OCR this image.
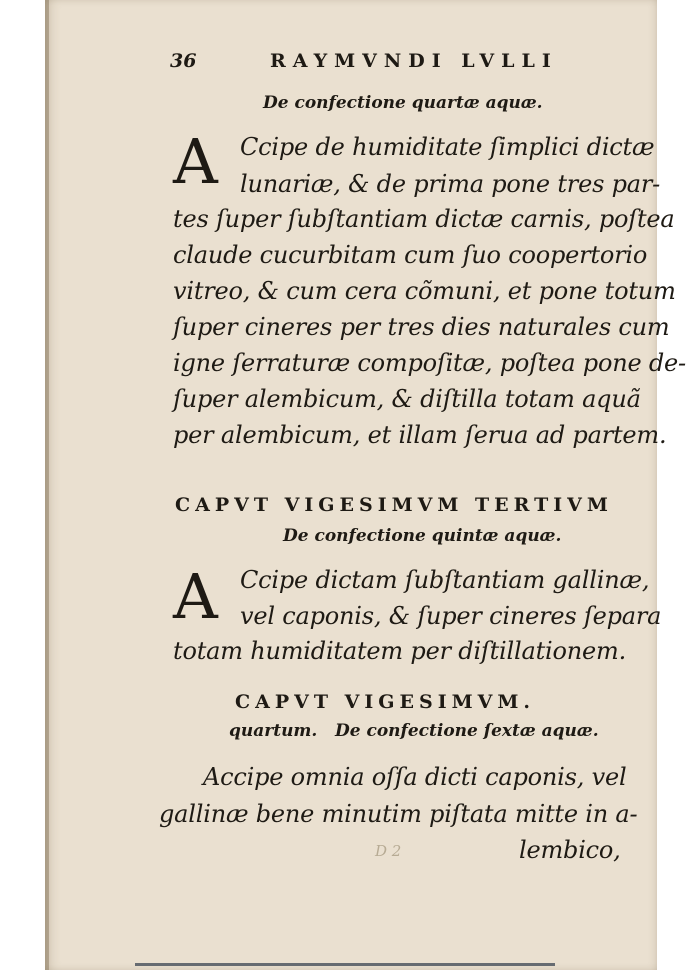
36	RAYMVNDI LVLLI
De confectione quartæ aquæ.
A Ccipe de humiditate ſimplici dictæ
lunariæ, & de prima pone tres par-
tes ſuper ſubſtantiam dictæ carnis, poſtea
claude cucurbitam cum ſuo coopertorio
vitreo, & cum cera cõmuni, et pone totum
ſuper cineres per tres dies naturales cum
igne ſerraturæ compoſitæ, poſtea pone de-
ſuper alembicum, & diſtilla totam aquã
per alembicum, et illam ſerua ad partem.
CAPVT VIGESIMVM TERTIVM
De confectione quintæ aquæ.
A Ccipe dictam ſubſtantiam gallinæ,
vel caponis, & ſuper cineres ſepara
totam humiditatem per diſtillationem.
CAPVT VIGESIMVM.
quartum. De confectione ſextæ aquæ.
Accipe omnia oſſa dicti caponis, vel
gallinæ bene minutim piſtata mitte in a-
lembico,
D 2
